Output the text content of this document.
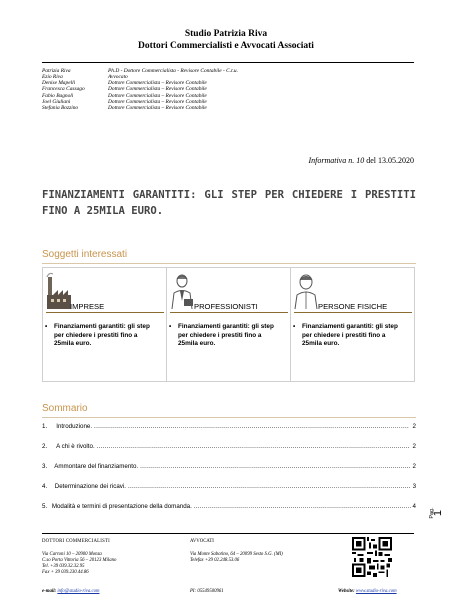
Studio Patrizia Riva
Dottori Commercialisti e Avvocati Associati
Patrizia Riva	Ph.D - Dottore Commercialista - Revisore Contabile - C.t.u.
Ezio Riva	Avvocato
Denise Mapelli	Dottore Commercialista – Revisore Contabile
Francesca Cassago	Dottore Commercialista – Revisore Contabile
Fabio Bagnoli	Dottore Commercialista – Revisore Contabile
Joel Giuliani	Dottore Commercialista – Revisore Contabile
Stefania Bozzino	Dottore Commercialista – Revisore Contabile
Informativa n. 10 del 13.05.2020
FINANZIAMENTI GARANTITI: GLI STEP PER CHIEDERE I PRESTITI FINO A 25MILA EURO.
Soggetti interessati
IMPRESE
• Finanziamenti garantiti: gli step per chiedere i prestiti fino a 25mila euro.
PROFESSIONISTI
• Finanziamenti garantiti: gli step per chiedere i prestiti fino a 25mila euro.
PERSONE FISICHE
• Finanziamenti garantiti: gli step per chiedere i prestiti fino a 25mila euro.
Sommario
1.	Introduzione. .....	2
2.	A chi è rivolto. .....	2
3.	Ammontare del finanziamento. .....	2
4.	Determinazione dei ricavi. .....	3
5. Modalità e termini di presentazione della domanda. .....	4
Pag.
1
DOTTORI COMMERCIALISTI
Via Carroni 10 – 20900 Monza
C.so Porta Vittoria 56 – 20123 Milano
Tel. +39 039.32.32.95
Fax + 39 039.230.44.86
e-mail: info@studio-riva.com
AVVOCATI
Via Monte Sabotino, 64 – 20099 Sesto S.G. (MI)
Telefax +39 02.248.53.06
PI: 05549500961	Website: www.studio-riva.com
